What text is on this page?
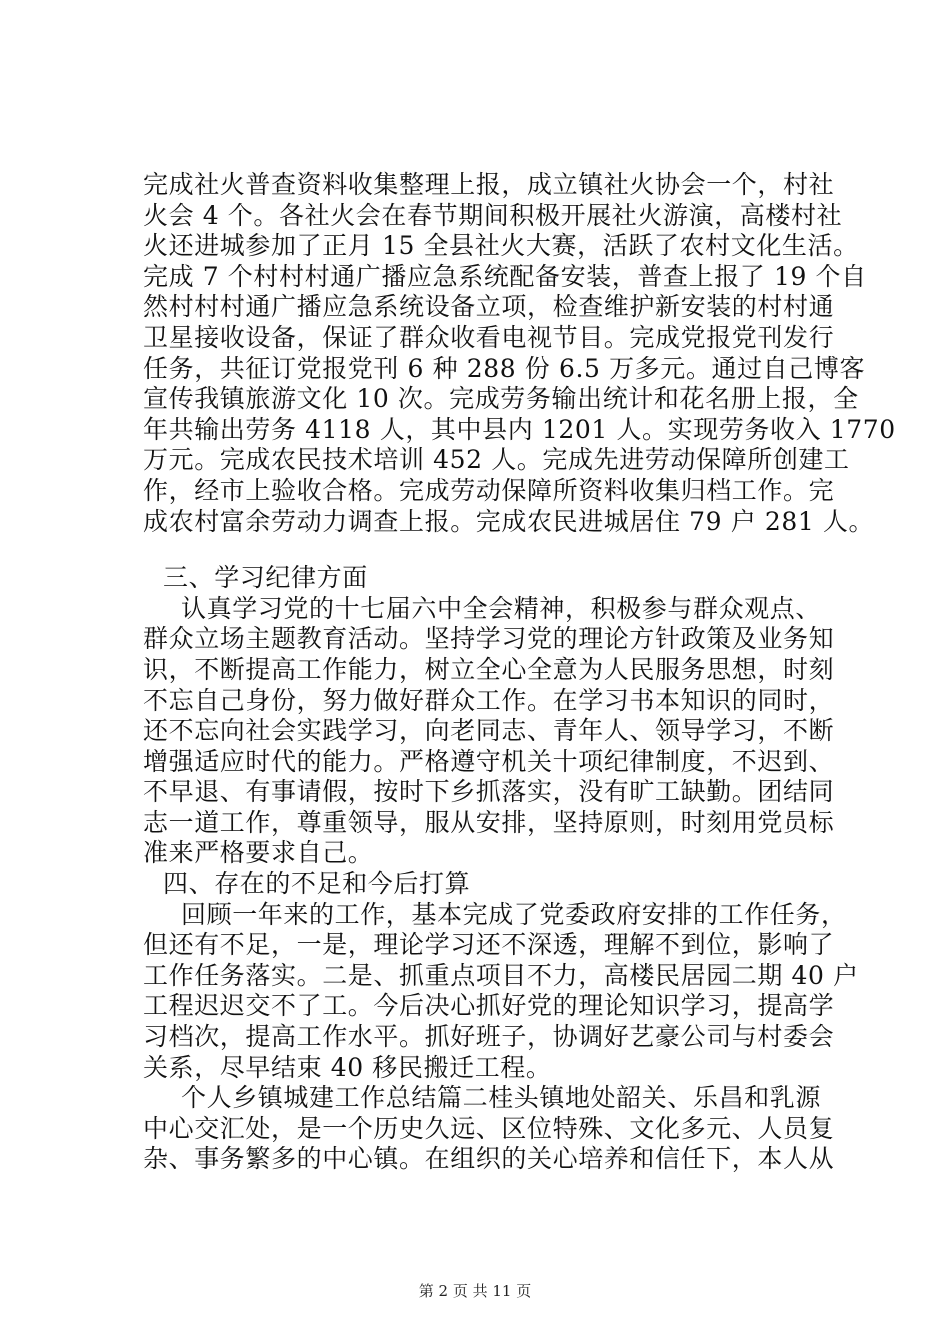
完成社火普查资料收集整理上报，成立镇社火协会一个，村社
火会 4 个。各社火会在春节期间积极开展社火游演，高楼村社
火还进城参加了正月 15 全县社火大赛，活跃了农村文化生活。
完成 7 个村村村通广播应急系统配备安装，普查上报了 19 个自
然村村村通广播应急系统设备立项，检查维护新安装的村村通
卫星接收设备，保证了群众收看电视节目。完成党报党刊发行
任务，共征订党报党刊 6 种 288 份 6.5 万多元。通过自己博客
宣传我镇旅游文化 10 次。完成劳务输出统计和花名册上报，全
年共输出劳务 4118 人，其中县内 1201 人。实现劳务收入 1770
万元。完成农民技术培训 452 人。完成先进劳动保障所创建工
作，经市上验收合格。完成劳动保障所资料收集归档工作。完
成农村富余劳动力调查上报。完成农民进城居住 79 户 281 人。
三、学习纪律方面
认真学习党的十七届六中全会精神，积极参与群众观点、
群众立场主题教育活动。坚持学习党的理论方针政策及业务知
识，不断提高工作能力，树立全心全意为人民服务思想，时刻
不忘自己身份，努力做好群众工作。在学习书本知识的同时，
还不忘向社会实践学习，向老同志、青年人、领导学习，不断
增强适应时代的能力。严格遵守机关十项纪律制度，不迟到、
不早退、有事请假，按时下乡抓落实，没有旷工缺勤。团结同
志一道工作，尊重领导，服从安排，坚持原则，时刻用党员标
准来严格要求自己。
四、存在的不足和今后打算
回顾一年来的工作，基本完成了党委政府安排的工作任务，
但还有不足，一是，理论学习还不深透，理解不到位，影响了
工作任务落实。二是、抓重点项目不力，高楼民居园二期 40 户
工程迟迟交不了工。今后决心抓好党的理论知识学习，提高学
习档次，提高工作水平。抓好班子，协调好艺豪公司与村委会
关系，尽早结束 40 移民搬迁工程。
个人乡镇城建工作总结篇二桂头镇地处韶关、乐昌和乳源
中心交汇处，是一个历史久远、区位特殊、文化多元、人员复
杂、事务繁多的中心镇。在组织的关心培养和信任下，本人从
第 2 页 共 11 页
